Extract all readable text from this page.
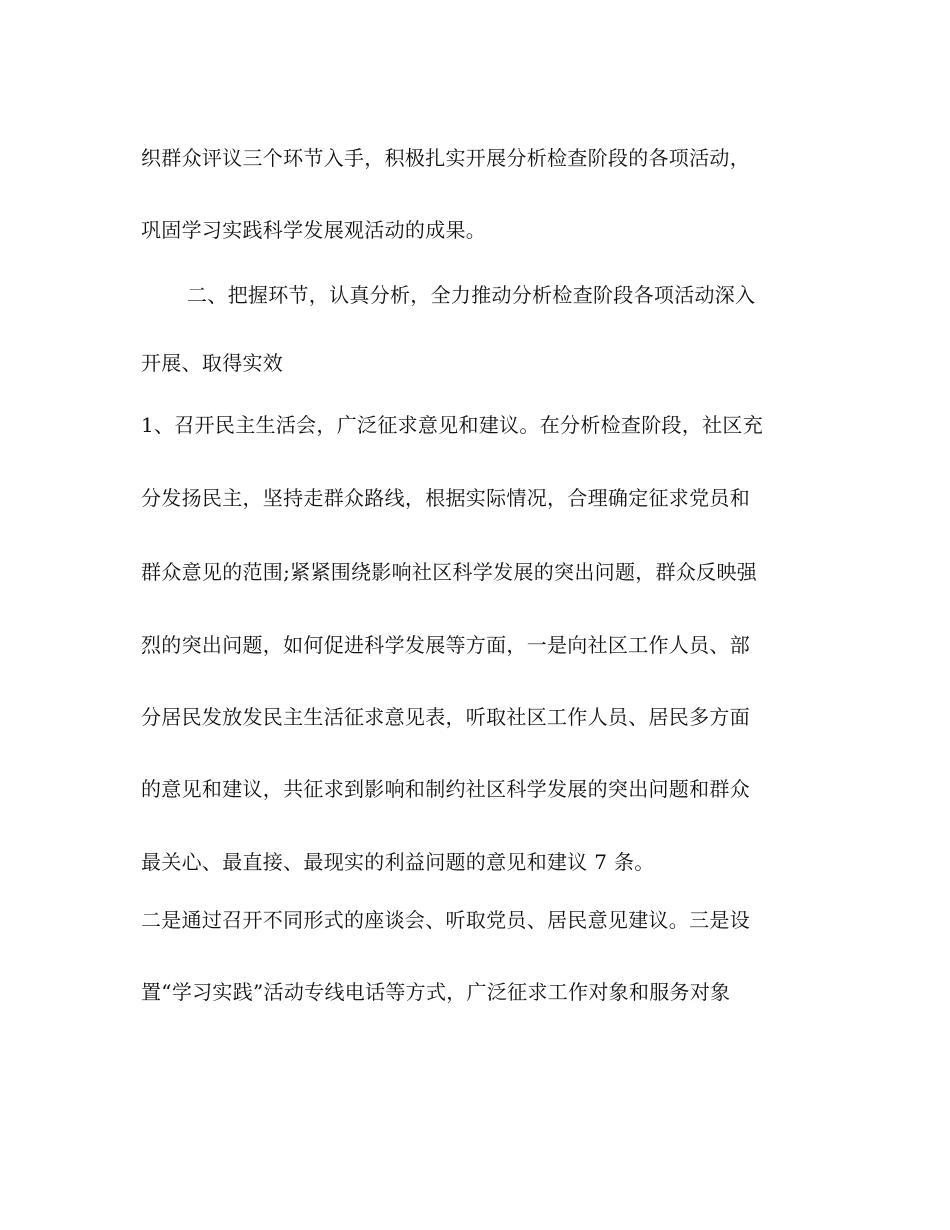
织群众评议三个环节入手，积极扎实开展分析检查阶段的各项活动，
巩固学习实践科学发展观活动的成果。
二、把握环节，认真分析，全力推动分析检查阶段各项活动深入
开展、取得实效
1、召开民主生活会，广泛征求意见和建议。在分析检查阶段，社区充
分发扬民主，坚持走群众路线，根据实际情况，合理确定征求党员和
群众意见的范围;紧紧围绕影响社区科学发展的突出问题，群众反映强
烈的突出问题，如何促进科学发展等方面，一是向社区工作人员、部
分居民发放发民主生活征求意见表，听取社区工作人员、居民多方面
的意见和建议，共征求到影响和制约社区科学发展的突出问题和群众
最关心、最直接、最现实的利益问题的意见和建议 7 条。
二是通过召开不同形式的座谈会、听取党员、居民意见建议。三是设
置“学习实践”活动专线电话等方式，广泛征求工作对象和服务对象
